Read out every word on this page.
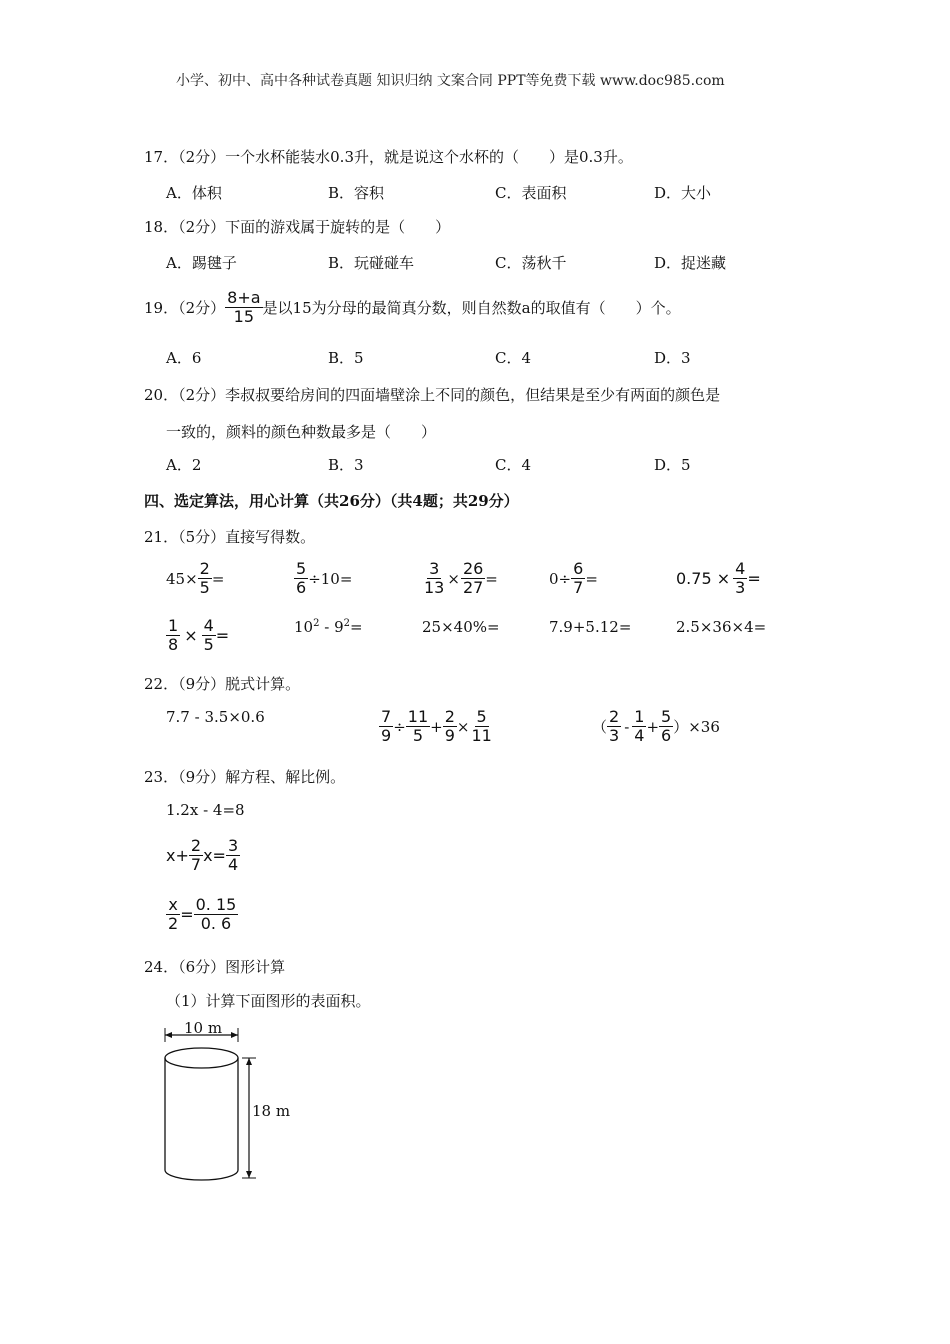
小学、初中、高中各种试卷真题 知识归纳 文案合同 PPT等免费下载 www.doc985.com
17．（2分）一个水杯能装水0.3升，就是说这个水杯的（　　）是0.3升。
A．体积	B．容积	C．表面积	D．大小
18．（2分）下面的游戏属于旋转的是（　　）
A．踢毽子	B．玩碰碰车	C．荡秋千	D．捉迷藏
19．（2分） $\frac{8+a}{15}$ 是以15为分母的最简真分数，则自然数a的取值有（　　）个。
A．6	B．5	C．4	D．3
20．（2分）李叔叔要给房间的四面墙壁涂上不同的颜色，但结果是至少有两面的颜色是
一致的，颜料的颜色种数最多是（　　）
A．2	B．3	C．4	D．5
四、选定算法，用心计算（共26分）（共4题；共29分）
21．（5分）直接写得数。
$45\times \frac{2}{5}$ =	$\frac{5}{6} \div 10=$	$\frac{3}{13} \times \frac{26}{27}$ =	$0\div \frac{6}{7}$ =	$0.75 \times \frac{4}{3}$ =
$\frac{1}{8} \times \frac{4}{5}$ =	$10^2 - 9^2=$	25×40%=	7.9+5.12=	2.5×36×4=
22．（9分）脱式计算。
7.7 - 3.5×0.6	$\frac{7}{9} \div \frac{11}{5} + \frac{2}{9} \times \frac{5}{11}$	（ $\frac{2}{3} - \frac{1}{4} + \frac{5}{6} )\times 36$
23．（9分）解方程、解比例。
1.2x - 4=8
$x+ \frac{2}{7} x= \frac{3}{4}$
$\frac{x}{2} = \frac{0. 15}{0. 6}$
24．（6分）图形计算
（1）计算下面图形的表面积。
10 m
18 m
